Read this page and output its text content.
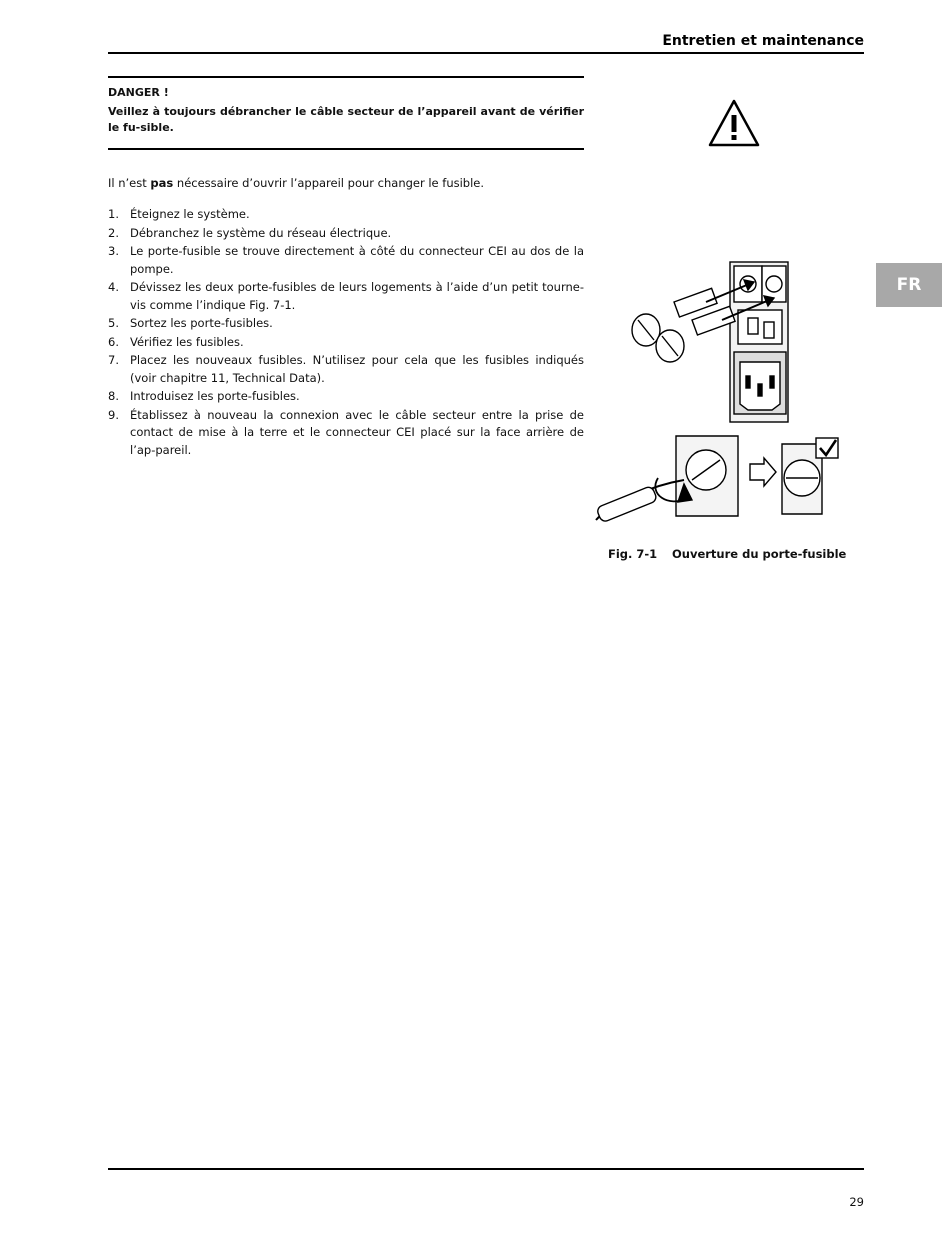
Entretien et maintenance
DANGER !
Veillez à toujours débrancher le câble secteur de l’appareil avant de vérifier le fu-sible.
Il n’est pas nécessaire d’ouvrir l’appareil pour changer le fusible.
1. Éteignez le système.
2. Débranchez le système du réseau électrique.
3. Le porte-fusible se trouve directement à côté du connecteur CEI au dos de la pompe.
4. Dévissez les deux porte-fusibles de leurs logements à l’aide d’un petit tourne-vis comme l’indique Fig. 7-1.
5. Sortez les porte-fusibles.
6. Vérifiez les fusibles.
7. Placez les nouveaux fusibles. N’utilisez pour cela que les fusibles indiqués (voir chapitre 11, Technical Data).
8. Introduisez les porte-fusibles.
9. Établissez à nouveau la connexion avec le câble secteur entre la prise de contact de mise à la terre et le connecteur CEI placé sur la face arrière de l’ap-pareil.
FR
Fig. 7-1 Ouverture du porte-fusible
29
